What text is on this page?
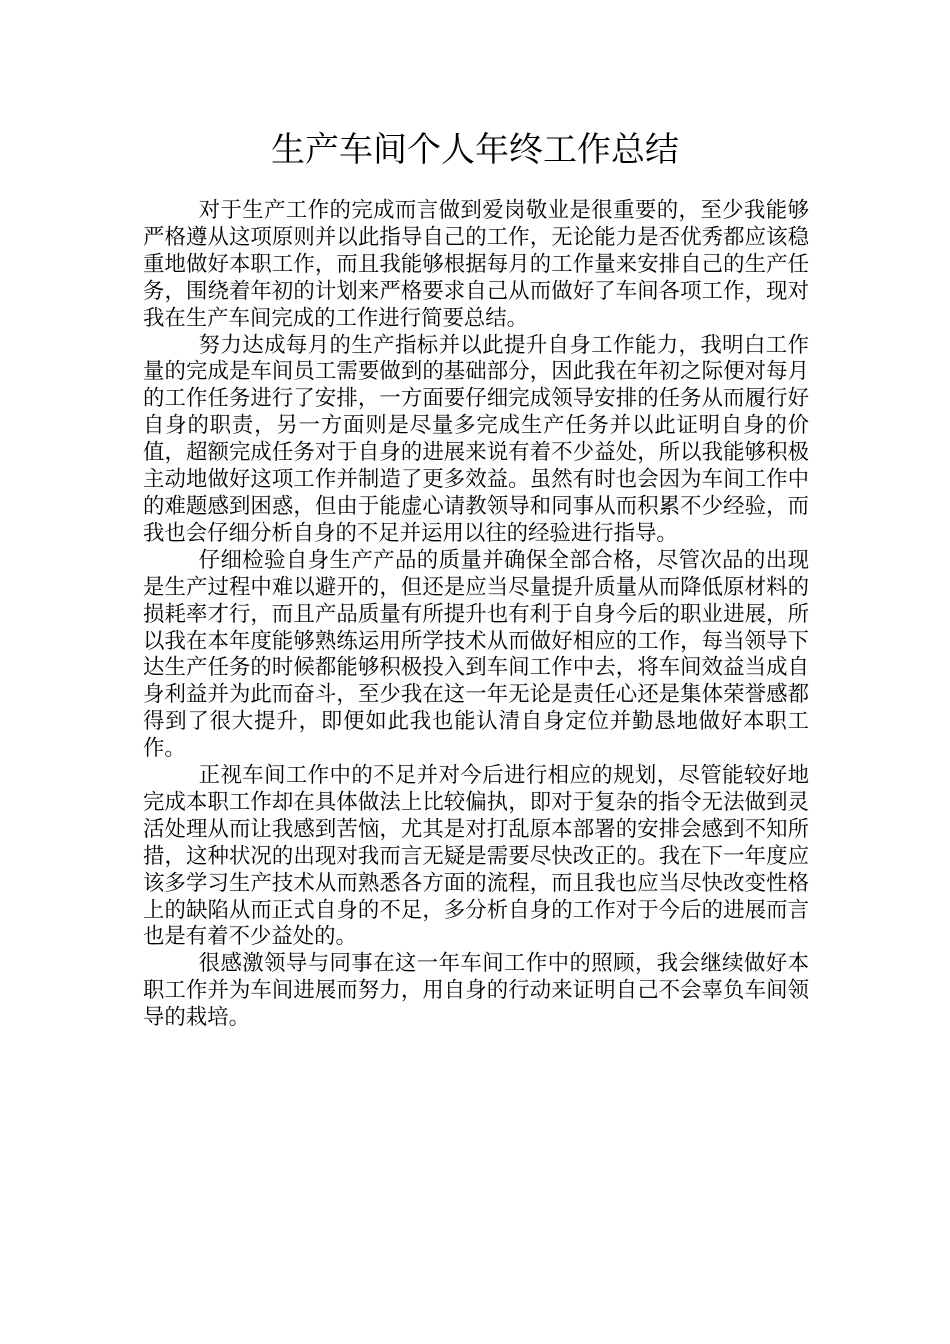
生产车间个人年终工作总结

对于生产工作的完成而言做到爱岗敬业是很重要的，至少我能够严格遵从这项原则并以此指导自己的工作，无论能力是否优秀都应该稳重地做好本职工作，而且我能够根据每月的工作量来安排自己的生产任务，围绕着年初的计划来严格要求自己从而做好了车间各项工作，现对我在生产车间完成的工作进行简要总结。

努力达成每月的生产指标并以此提升自身工作能力，我明白工作量的完成是车间员工需要做到的基础部分，因此我在年初之际便对每月的工作任务进行了安排，一方面要仔细完成领导安排的任务从而履行好自身的职责，另一方面则是尽量多完成生产任务并以此证明自身的价值，超额完成任务对于自身的进展来说有着不少益处，所以我能够积极主动地做好这项工作并制造了更多效益。虽然有时也会因为车间工作中的难题感到困惑，但由于能虚心请教领导和同事从而积累不少经验，而我也会仔细分析自身的不足并运用以往的经验进行指导。

仔细检验自身生产产品的质量并确保全部合格，尽管次品的出现是生产过程中难以避开的，但还是应当尽量提升质量从而降低原材料的损耗率才行，而且产品质量有所提升也有利于自身今后的职业进展，所以我在本年度能够熟练运用所学技术从而做好相应的工作，每当领导下达生产任务的时候都能够积极投入到车间工作中去，将车间效益当成自身利益并为此而奋斗，至少我在这一年无论是责任心还是集体荣誉感都得到了很大提升，即便如此我也能认清自身定位并勤恳地做好本职工作。

正视车间工作中的不足并对今后进行相应的规划，尽管能较好地完成本职工作却在具体做法上比较偏执，即对于复杂的指令无法做到灵活处理从而让我感到苦恼，尤其是对打乱原本部署的安排会感到不知所措，这种状况的出现对我而言无疑是需要尽快改正的。我在下一年度应该多学习生产技术从而熟悉各方面的流程，而且我也应当尽快改变性格上的缺陷从而正式自身的不足，多分析自身的工作对于今后的进展而言也是有着不少益处的。

很感激领导与同事在这一年车间工作中的照顾，我会继续做好本职工作并为车间进展而努力，用自身的行动来证明自己不会辜负车间领导的栽培。
